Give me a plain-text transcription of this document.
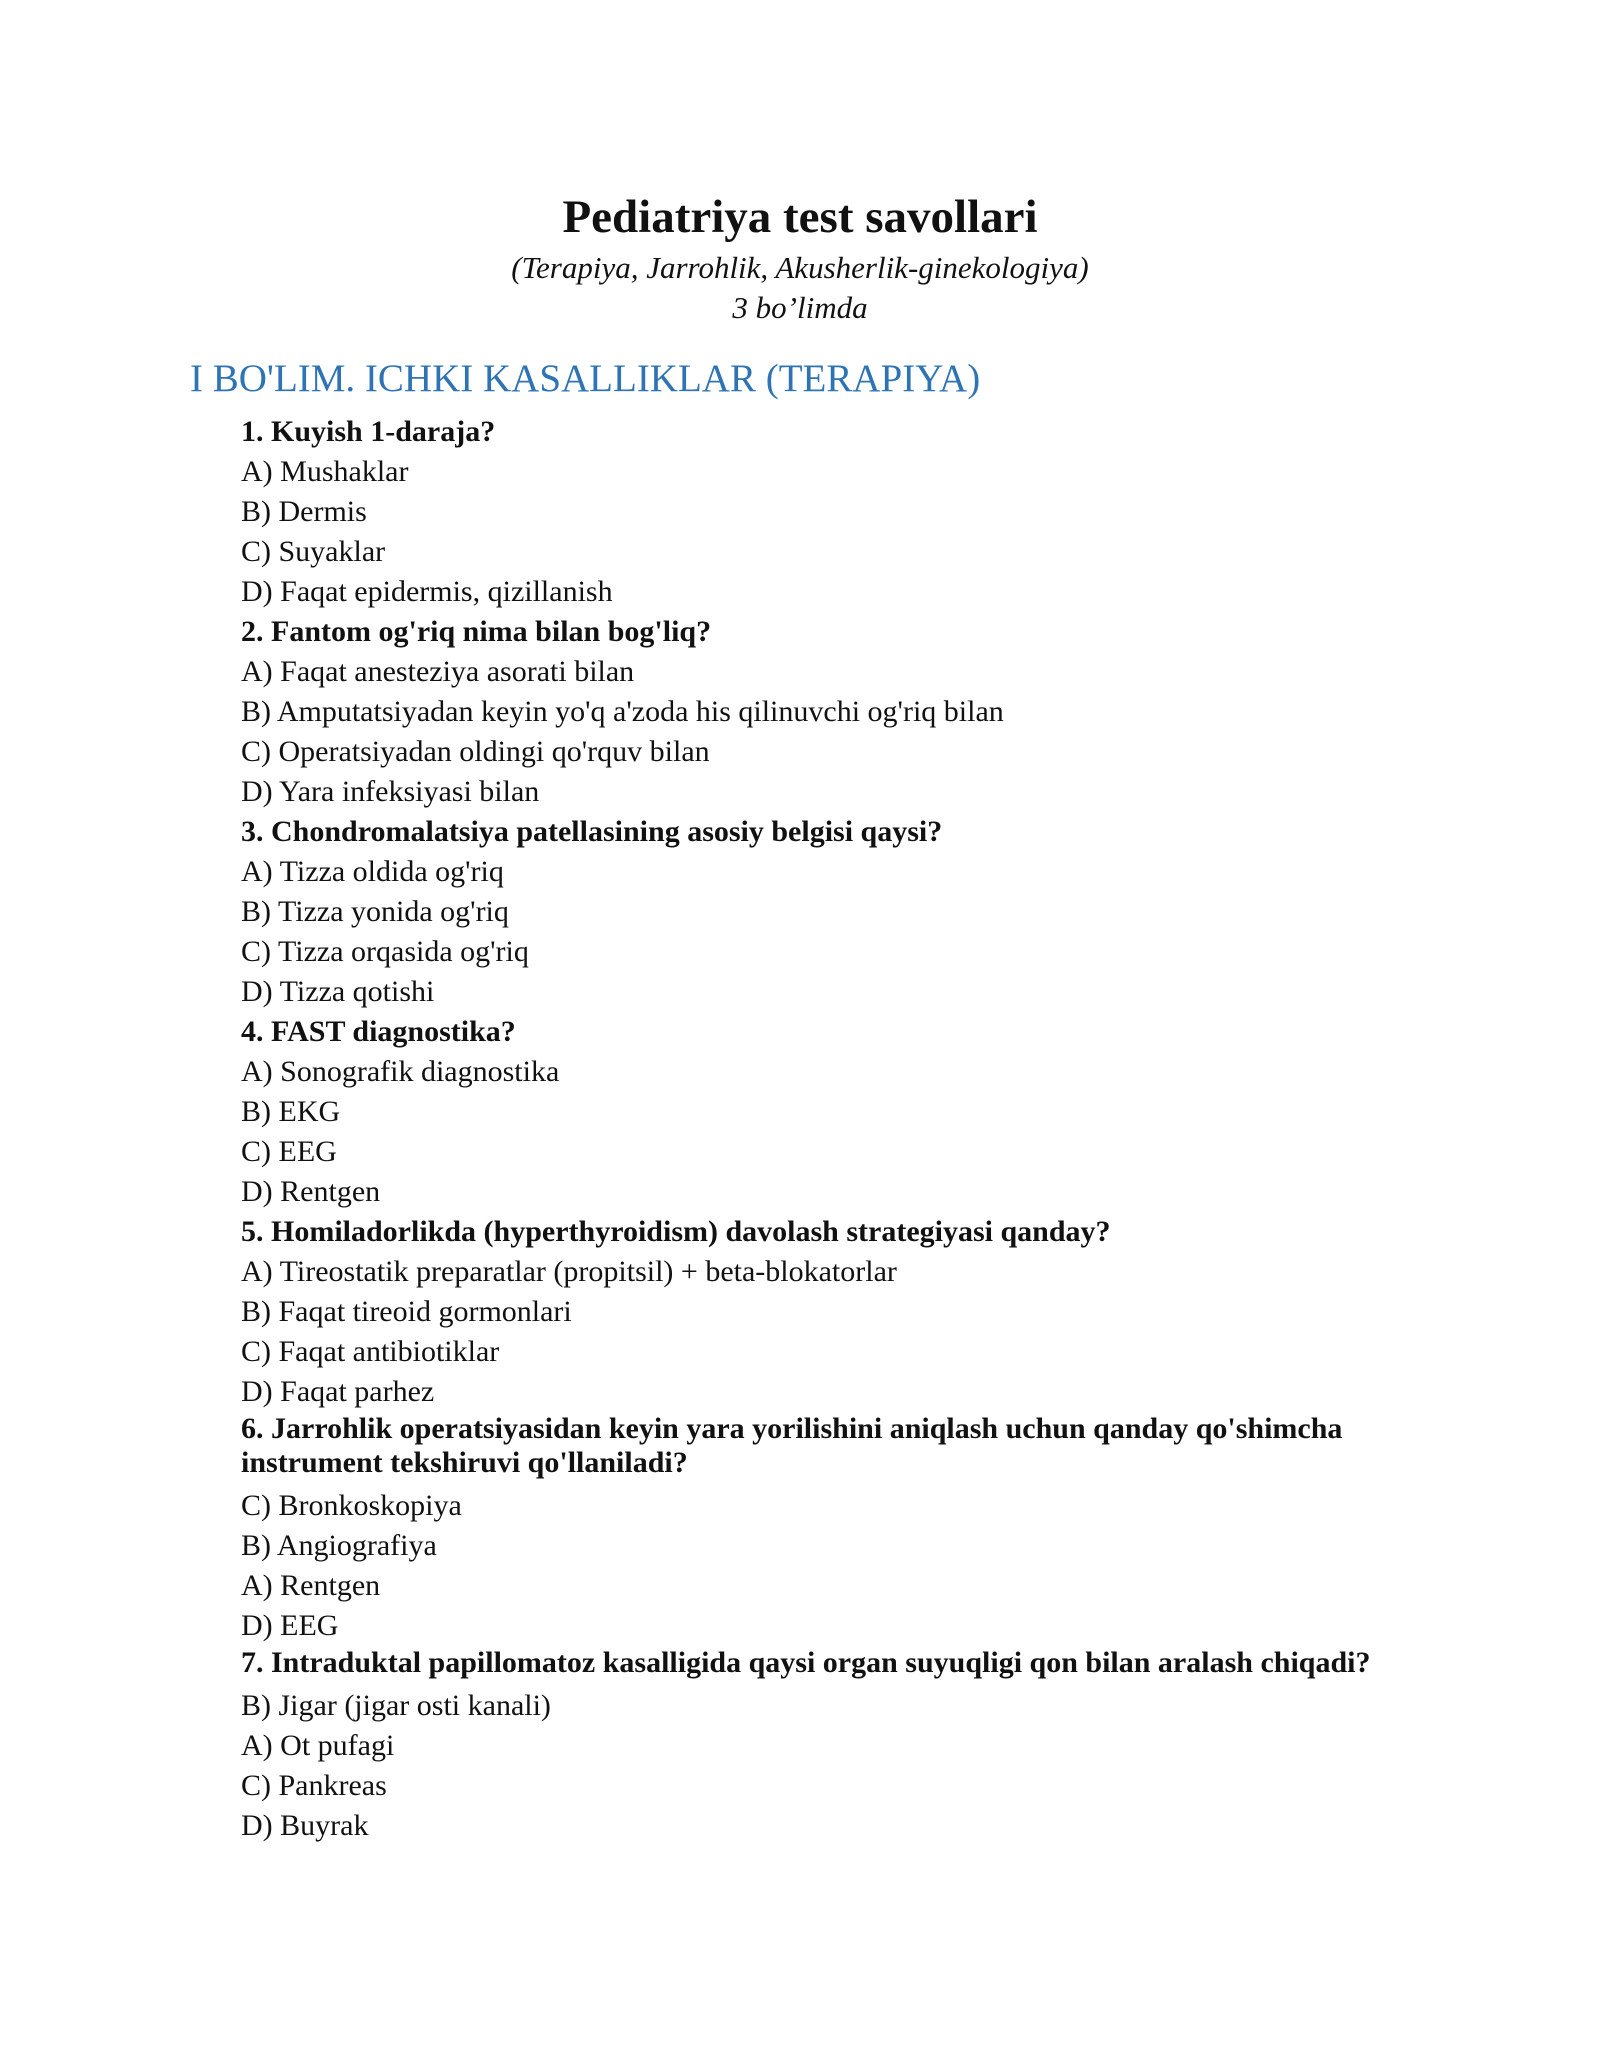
Pediatriya test savollari

(Terapiya, Jarrohlik, Akusherlik-ginekologiya)

3 bo’limda

I BO'LIM. ICHKI KASALLIKLAR (TERAPIYA)

1. Kuyish 1-daraja?

A) Mushaklar

B) Dermis

C) Suyaklar

D) Faqat epidermis, qizillanish

2. Fantom og'riq nima bilan bog'liq?

A) Faqat anesteziya asorati bilan

B) Amputatsiyadan keyin yo'q a'zoda his qilinuvchi og'riq bilan

C) Operatsiyadan oldingi qo'rquv bilan

D) Yara infeksiyasi bilan

3. Chondromalatsiya patellasining asosiy belgisi qaysi?

A) Tizza oldida og'riq

B) Tizza yonida og'riq

C) Tizza orqasida og'riq

D) Tizza qotishi

4. FAST diagnostika?

A) Sonografik diagnostika

B) EKG

C) EEG

D) Rentgen

5. Homiladorlikda (hyperthyroidism) davolash strategiyasi qanday?

A) Tireostatik preparatlar (propitsil) + beta-blokatorlar

B) Faqat tireoid gormonlari

C) Faqat antibiotiklar

D) Faqat parhez

6. Jarrohlik operatsiyasidan keyin yara yorilishini aniqlash uchun qanday qo'shimcha instrument tekshiruvi qo'llaniladi?

C) Bronkoskopiya

B) Angiografiya

A) Rentgen

D) EEG

7. Intraduktal papillomatoz kasalligida qaysi organ suyuqligi qon bilan aralash chiqadi?

B) Jigar (jigar osti kanali)

A) Ot pufagi

C) Pankreas

D) Buyrak
